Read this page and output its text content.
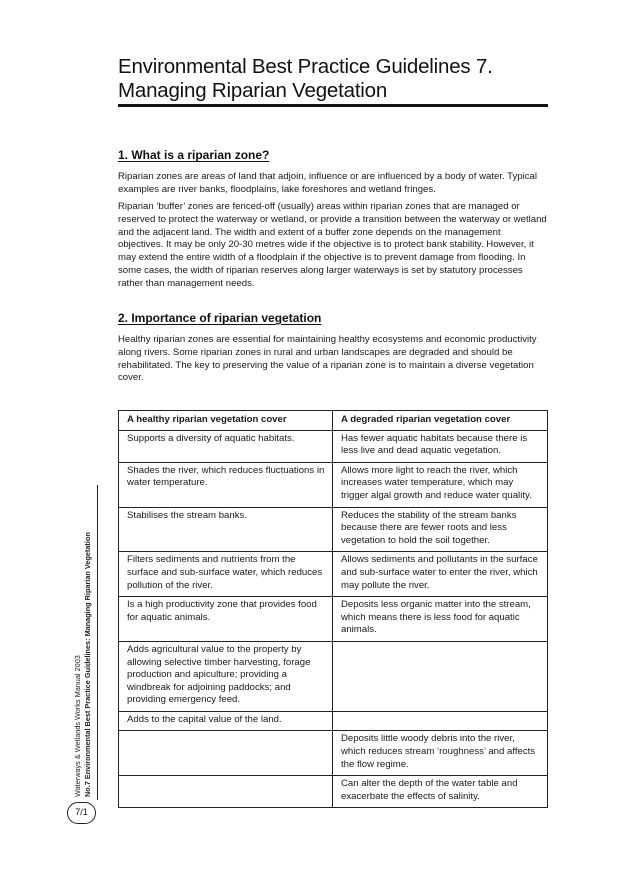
Environmental Best Practice Guidelines 7.
Managing Riparian Vegetation
1. What is a riparian zone?

Riparian zones are areas of land that adjoin, influence or are influenced by a body of water. Typical examples are river banks, floodplains, lake foreshores and wetland fringes.

Riparian ‘buffer’ zones are fenced-off (usually) areas within riparian zones that are managed or reserved to protect the waterway or wetland, or provide a transition between the waterway or wetland and the adjacent land. The width and extent of a buffer zone depends on the management objectives. It may be only 20-30 metres wide if the objective is to protect bank stability. However, it may extend the entire width of a floodplain if the objective is to prevent damage from flooding. In some cases, the width of riparian reserves along larger waterways is set by statutory processes rather than management needs.

2. Importance of riparian vegetation

Healthy riparian zones are essential for maintaining healthy ecosystems and economic productivity along rivers. Some riparian zones in rural and urban landscapes are degraded and should be rehabilitated. The key to preserving the value of a riparian zone is to maintain a diverse vegetation cover.

A healthy riparian vegetation cover	A degraded riparian vegetation cover
Supports a diversity of aquatic habitats.	Has fewer aquatic habitats because there is less live and dead aquatic vegetation.
Shades the river, which reduces fluctuations in water temperature.	Allows more light to reach the river, which increases water temperature, which may trigger algal growth and reduce water quality.
Stabilises the stream banks.	Reduces the stability of the stream banks because there are fewer roots and less vegetation to hold the soil together.
Filters sediments and nutrients from the surface and sub-surface water, which reduces pollution of the river.	Allows sediments and pollutants in the surface and sub-surface water to enter the river, which may pollute the river.
Is a high productivity zone that provides food for aquatic animals.	Deposits less organic matter into the stream, which means there is less food for aquatic animals.
Adds agricultural value to the property by allowing selective timber harvesting, forage production and apiculture; providing a windbreak for adjoining paddocks; and providing emergency feed.	
Adds to the capital value of the land.	
	Deposits little woody debris into the river, which reduces stream ‘roughness’ and affects the flow regime.
	Can alter the depth of the water table and exacerbate the effects of salinity.
Waterways & Wetlands Works Manual 2003 No.7 Environmental Best Practice Guidelines: Managing Riparian Vegetation
7/1
